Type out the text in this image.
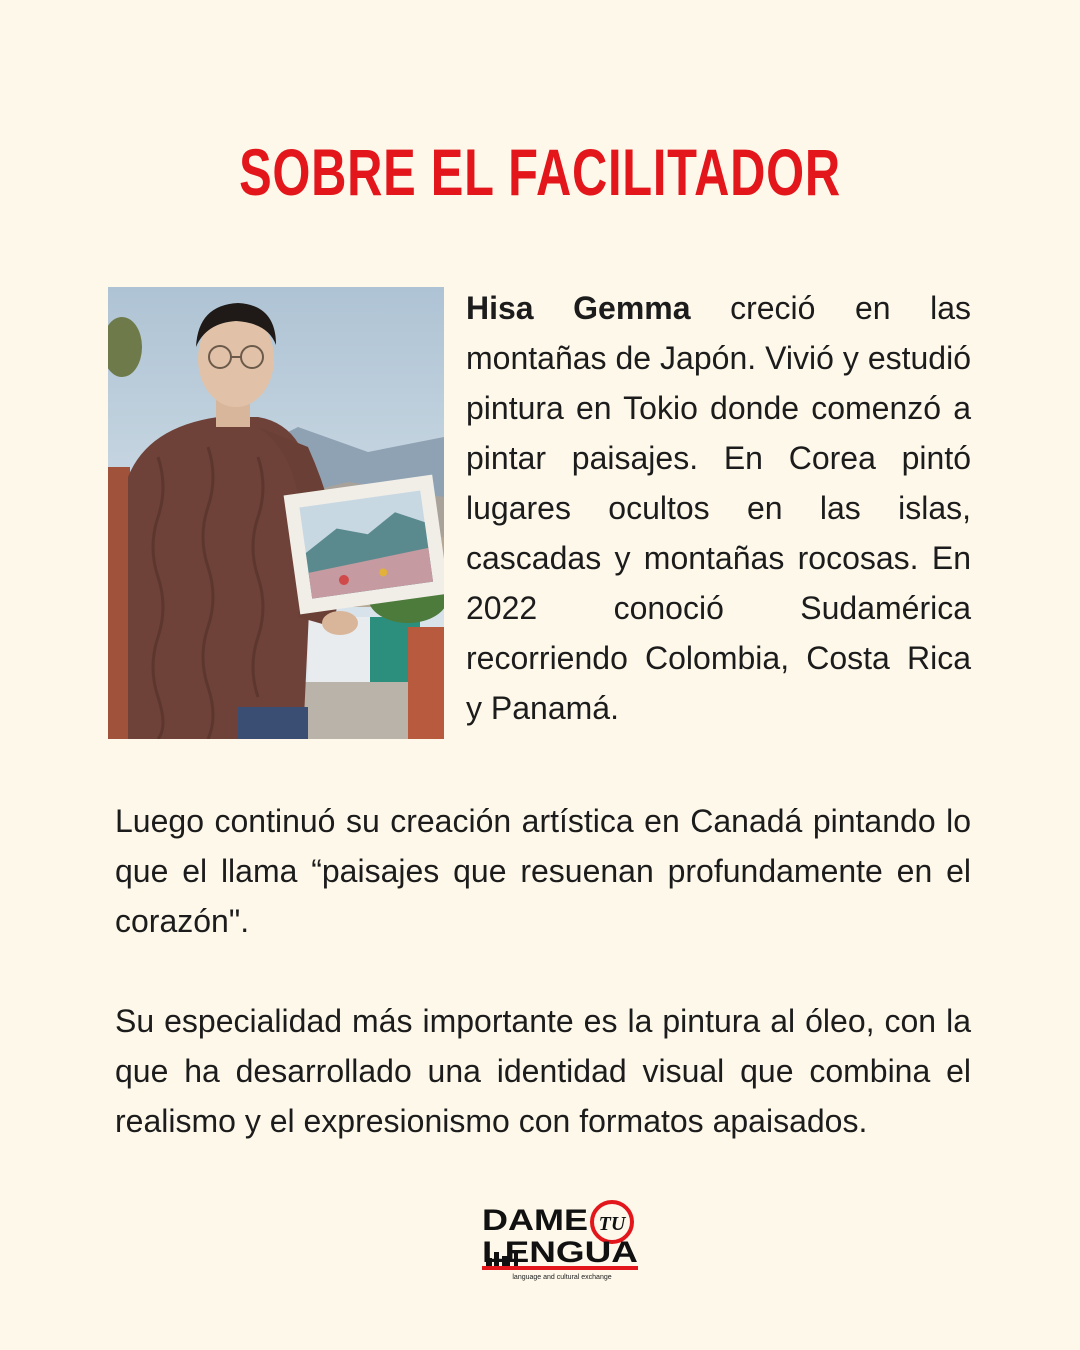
SOBRE EL FACILITADOR
Hisa Gemma creció en las montañas de Japón. Vivió y estudió pintura en Tokio donde comenzó a pintar paisajes. En Corea pintó lugares ocultos en las islas, cascadas y montañas rocosas. En 2022 conoció Sudamérica recorriendo Colombia, Costa Rica y Panamá.
Luego continuó su creación artística en Canadá pintando lo que el llama “paisajes que resuenan profundamente en el corazón".
Su especialidad más importante es la pintura al óleo, con la que ha desarrollado una identidad visual que combina el realismo y el expresionismo con formatos apaisados.
DAME TU
LENGUA
language and cultural exchange
